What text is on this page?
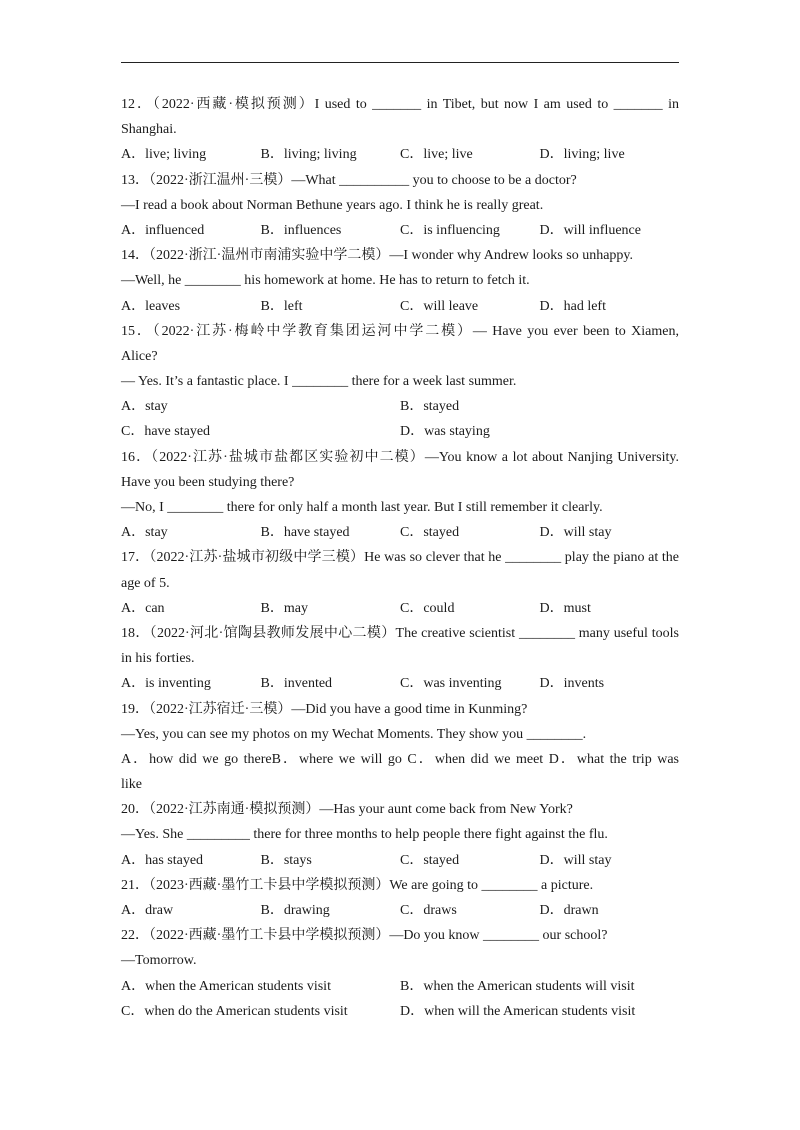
12．（2022·西藏·模拟预测）I used to _______ in Tibet, but now I am used to _______ in
Shanghai.
A．live; living	B．living; living	C．live; live	D．living; live
13．（2022·浙江温州·三模）—What __________ you to choose to be a doctor?
—I read a book about Norman Bethune years ago. I think he is really great.
A．influenced	B．influences	C．is influencing	D．will influence
14．（2022·浙江·温州市南浦实验中学二模）—I wonder why Andrew looks so unhappy.
—Well, he ________ his homework at home. He has to return to fetch it.
A．leaves	B．left	C．will leave	D．had left
15．（2022·江苏·梅岭中学教育集团运河中学二模）— Have you ever been to Xiamen,
Alice?
— Yes. It’s a fantastic place. I ________ there for a week last summer.
A．stay	B．stayed
C．have stayed	D．was staying
16．（2022·江苏·盐城市盐都区实验初中二模）—You know a lot about Nanjing University.
Have you been studying there?
—No, I ________ there for only half a month last year. But I still remember it clearly.
A．stay	B．have stayed	C．stayed	D．will stay
17．（2022·江苏·盐城市初级中学三模）He was so clever that he ________ play the piano at the
age of 5.
A．can	B．may	C．could	D．must
18．（2022·河北·馆陶县教师发展中心二模）The creative scientist ________ many useful tools
in his forties.
A．is inventing	B．invented	C．was inventing	D．invents
19．（2022·江苏宿迁·三模）—Did you have a good time in Kunming?
—Yes, you can see my photos on my Wechat Moments. They show you ________.
A．how did we go thereB．where we will go C．when did we meet D．what the trip was
like
20．（2022·江苏南通·模拟预测）—Has your aunt come back from New York?
—Yes. She _________ there for three months to help people there fight against the flu.
A．has stayed	B．stays	C．stayed	D．will stay
21．（2023·西藏·墨竹工卡县中学模拟预测）We are going to ________ a picture.
A．draw	B．drawing	C．draws	D．drawn
22．（2022·西藏·墨竹工卡县中学模拟预测）—Do you know ________ our school?
—Tomorrow.
A．when the American students visit	B．when the American students will visit
C．when do the American students visit	D．when will the American students visit
